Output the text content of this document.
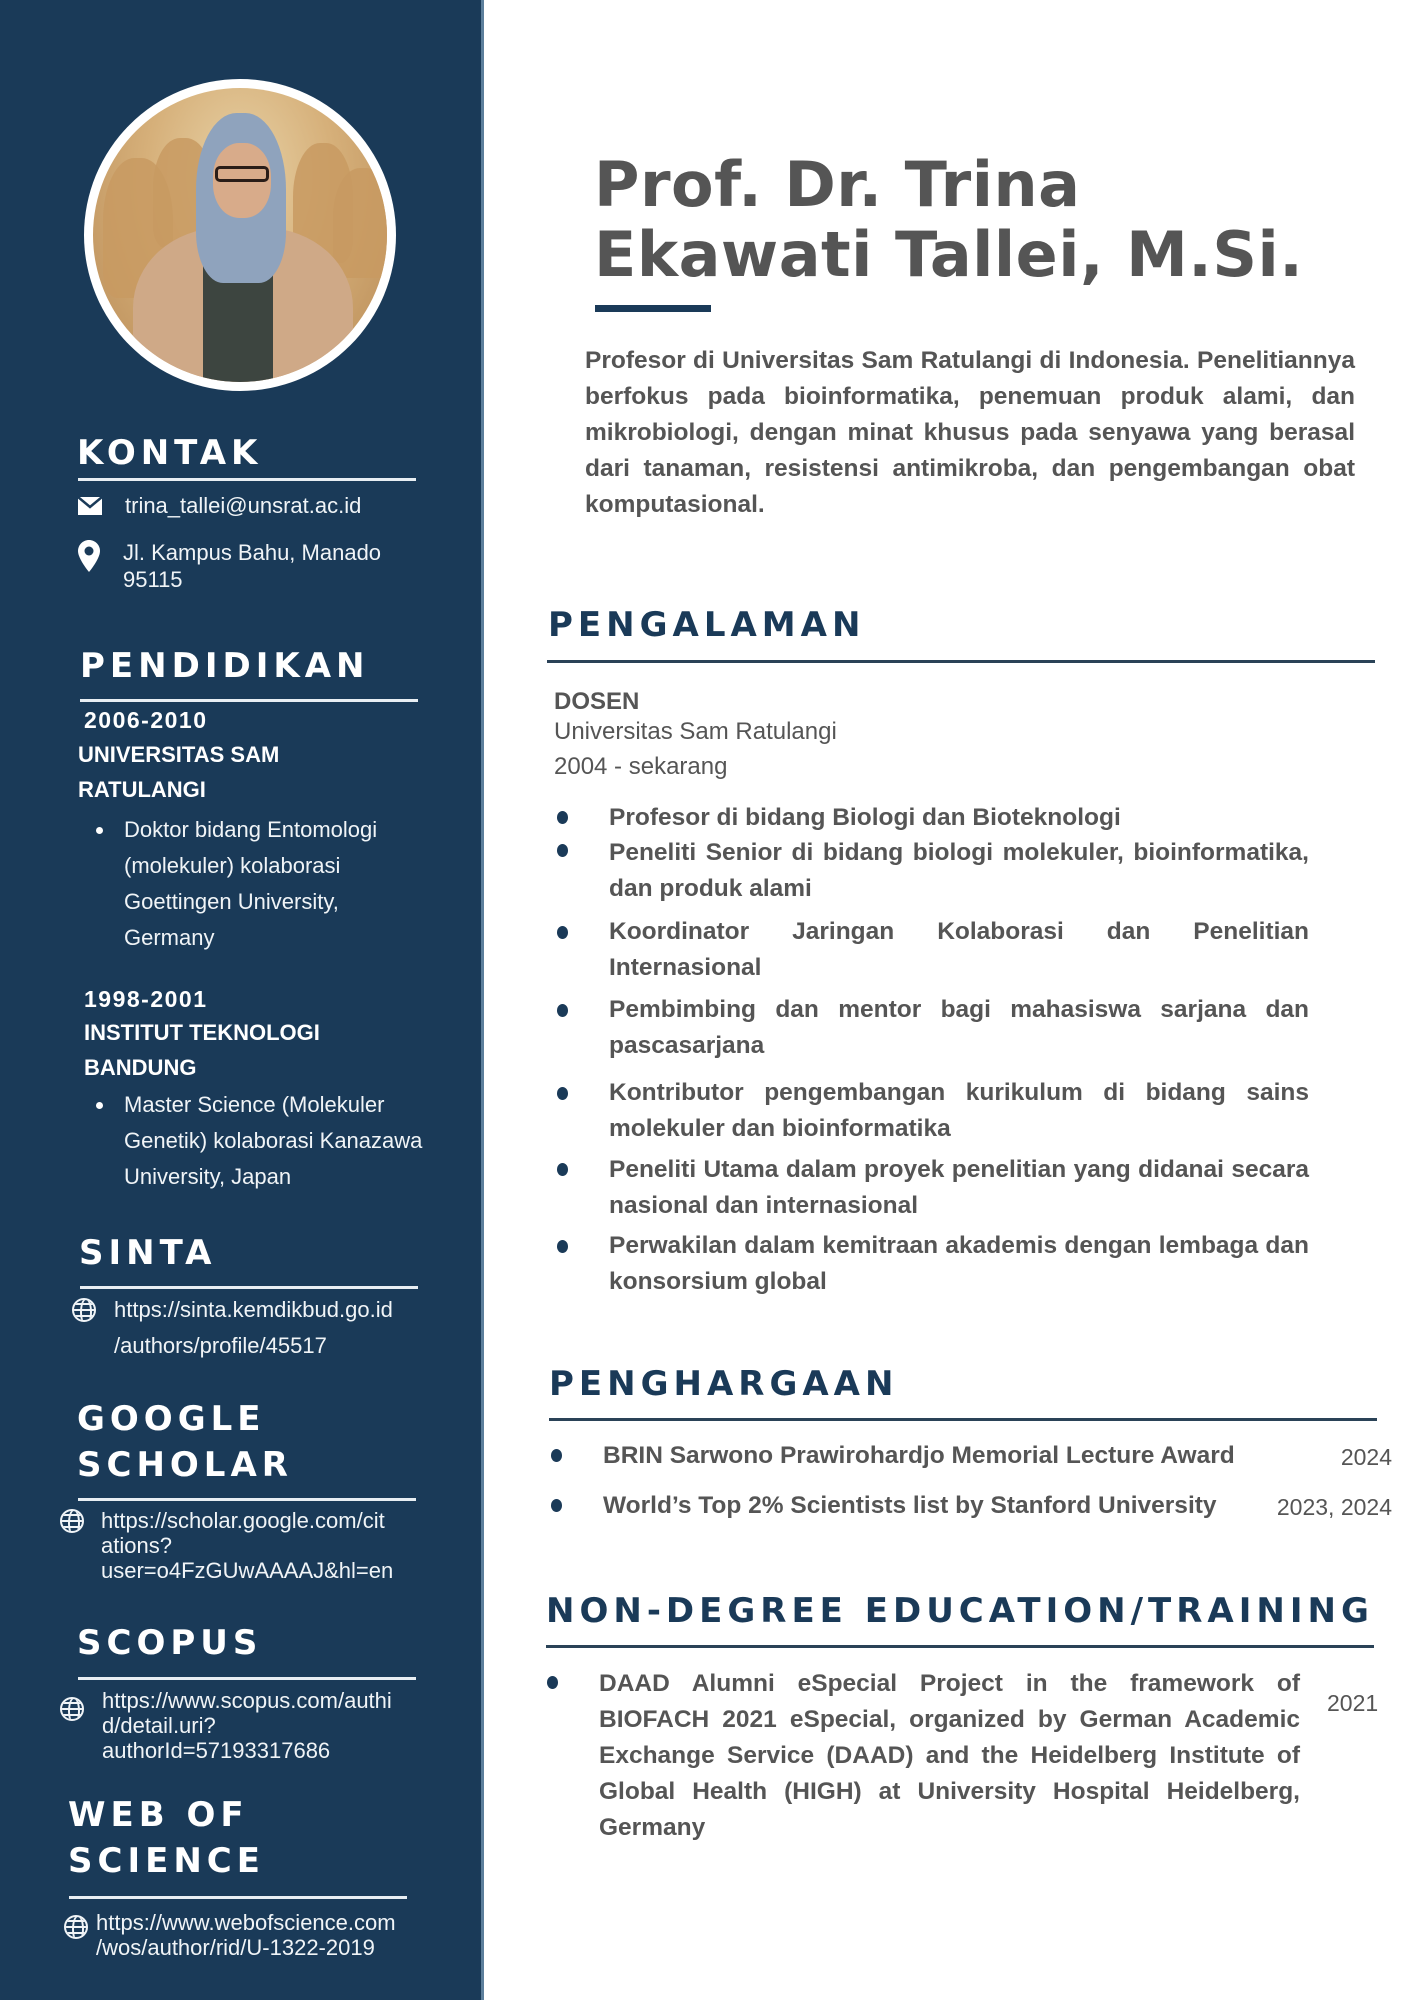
KONTAK
trina_tallei@unsrat.ac.id
Jl. Kampus Bahu, Manado
95115
PENDIDIKAN
2006-2010
UNIVERSITAS SAM
RATULANGI
Doktor bidang Entomologi
(molekuler) kolaborasi
Goettingen University,
Germany
1998-2001
INSTITUT TEKNOLOGI
BANDUNG
Master Science (Molekuler
Genetik) kolaborasi Kanazawa
University, Japan
SINTA
https://sinta.kemdikbud.go.id
/authors/profile/45517
GOOGLE
SCHOLAR
https://scholar.google.com/cit
ations?
user=o4FzGUwAAAAJ&hl=en
SCOPUS
https://www.scopus.com/authi
d/detail.uri?
authorId=57193317686
WEB OF
SCIENCE
https://www.webofscience.com
/wos/author/rid/U-1322-2019
Prof. Dr. Trina Ekawati Tallei, M.Si.
Profesor di Universitas Sam Ratulangi di Indonesia. Penelitiannya berfokus pada bioinformatika, penemuan produk alami, dan mikrobiologi, dengan minat khusus pada senyawa yang berasal dari tanaman, resistensi antimikroba, dan pengembangan obat komputasional.
PENGALAMAN
DOSEN
Universitas Sam Ratulangi
2004 - sekarang
Profesor di bidang Biologi dan Bioteknologi
Peneliti Senior di bidang biologi molekuler, bioinformatika, dan produk alami
Koordinator Jaringan Kolaborasi dan Penelitian Internasional
Pembimbing dan mentor bagi mahasiswa sarjana dan pascasarjana
Kontributor pengembangan kurikulum di bidang sains molekuler dan bioinformatika
Peneliti Utama dalam proyek penelitian yang didanai secara nasional dan internasional
Perwakilan dalam kemitraan akademis dengan lembaga dan konsorsium global
PENGHARGAAN
BRIN Sarwono Prawirohardjo Memorial Lecture Award	2024
World’s Top 2% Scientists list by Stanford University	2023, 2024
NON-DEGREE EDUCATION/TRAINING
DAAD Alumni eSpecial Project in the framework of BIOFACH 2021 eSpecial, organized by German Academic Exchange Service (DAAD) and the Heidelberg Institute of Global Health (HIGH) at University Hospital Heidelberg, Germany
2021
